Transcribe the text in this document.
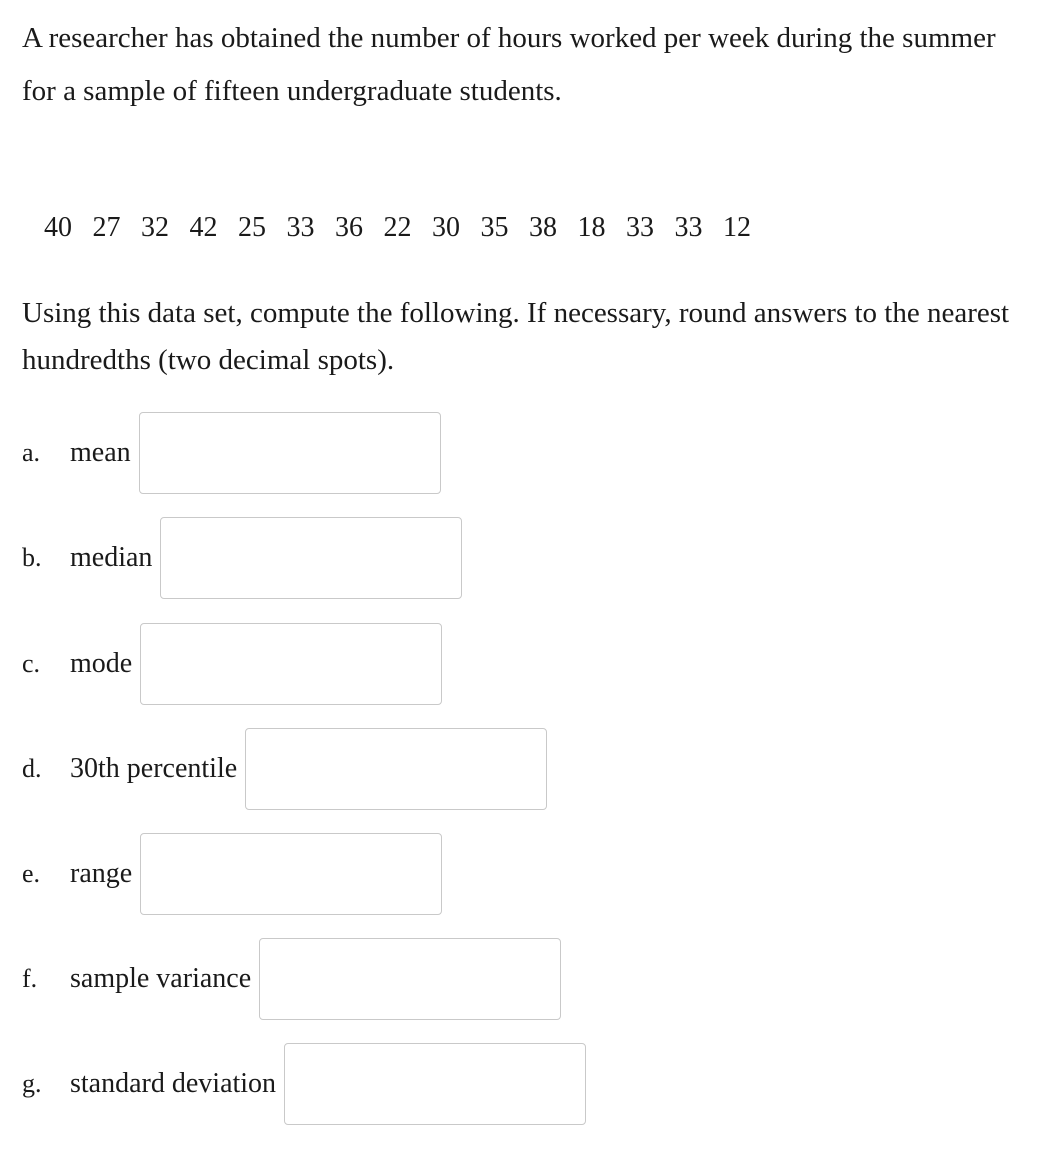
A researcher has obtained the number of hours worked per week during the summer for a sample of fifteen undergraduate students.

40 27 32 42 25 33 36 22 30 35 38 18 33 33 12

Using this data set, compute the following. If necessary, round answers to the nearest hundredths (two decimal spots).

a.	mean
b.	median
c.	mode
d.	30th percentile
e.	range
f.	sample variance
g.	standard deviation
